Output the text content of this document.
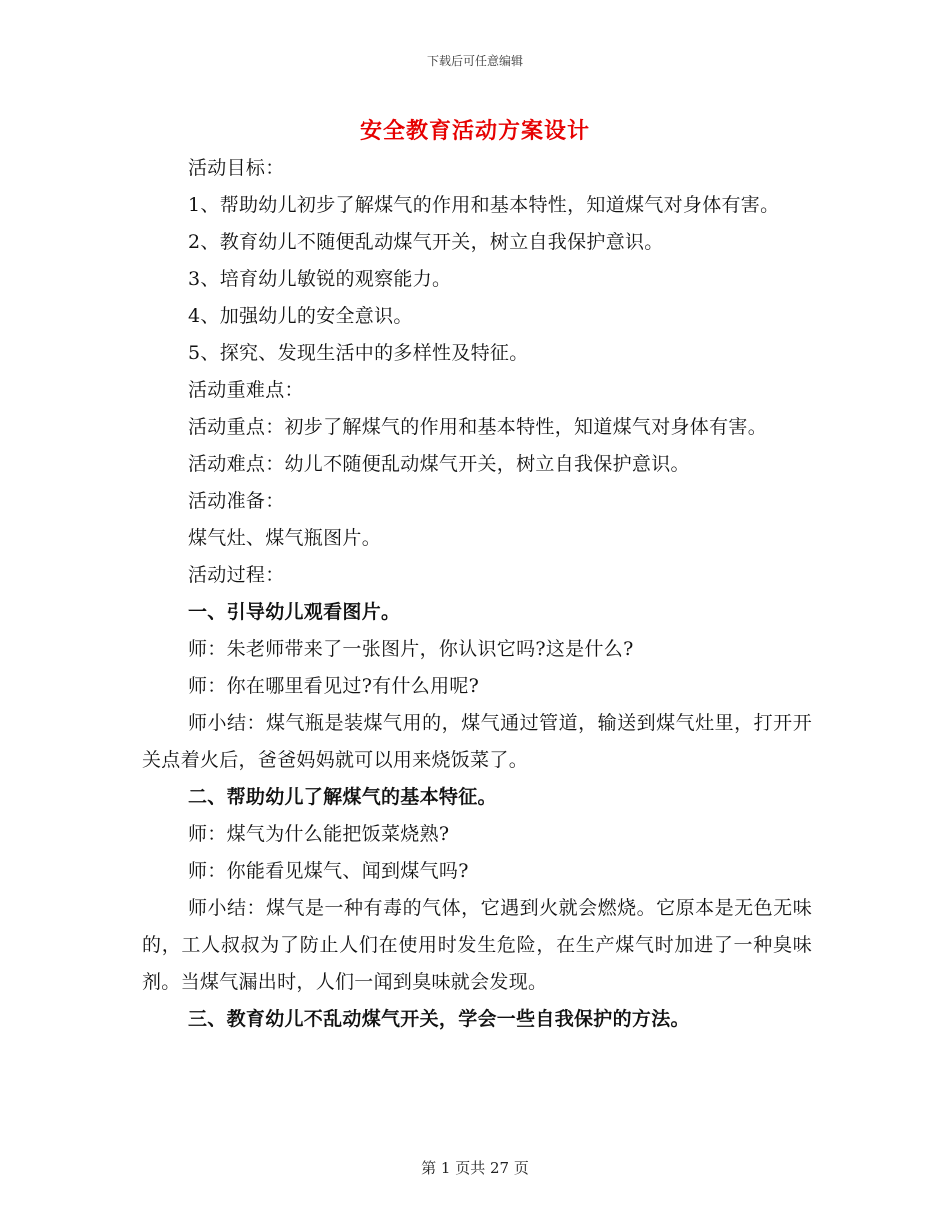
下载后可任意编辑
安全教育活动方案设计

活动目标：

1、帮助幼儿初步了解煤气的作用和基本特性，知道煤气对身体有害。

2、教育幼儿不随便乱动煤气开关，树立自我保护意识。

3、培育幼儿敏锐的观察能力。

4、加强幼儿的安全意识。

5、探究、发现生活中的多样性及特征。

活动重难点：

活动重点：初步了解煤气的作用和基本特性，知道煤气对身体有害。

活动难点：幼儿不随便乱动煤气开关，树立自我保护意识。

活动准备：

煤气灶、煤气瓶图片。

活动过程：

一、引导幼儿观看图片。

师：朱老师带来了一张图片，你认识它吗?这是什么?

师：你在哪里看见过?有什么用呢?

师小结：煤气瓶是装煤气用的，煤气通过管道，输送到煤气灶里，打开开关点着火后，爸爸妈妈就可以用来烧饭菜了。

二、帮助幼儿了解煤气的基本特征。

师：煤气为什么能把饭菜烧熟?

师：你能看见煤气、闻到煤气吗?

师小结：煤气是一种有毒的气体，它遇到火就会燃烧。它原本是无色无味的，工人叔叔为了防止人们在使用时发生危险，在生产煤气时加进了一种臭味剂。当煤气漏出时，人们一闻到臭味就会发现。

三、教育幼儿不乱动煤气开关，学会一些自我保护的方法。

第 1 页共 27 页
